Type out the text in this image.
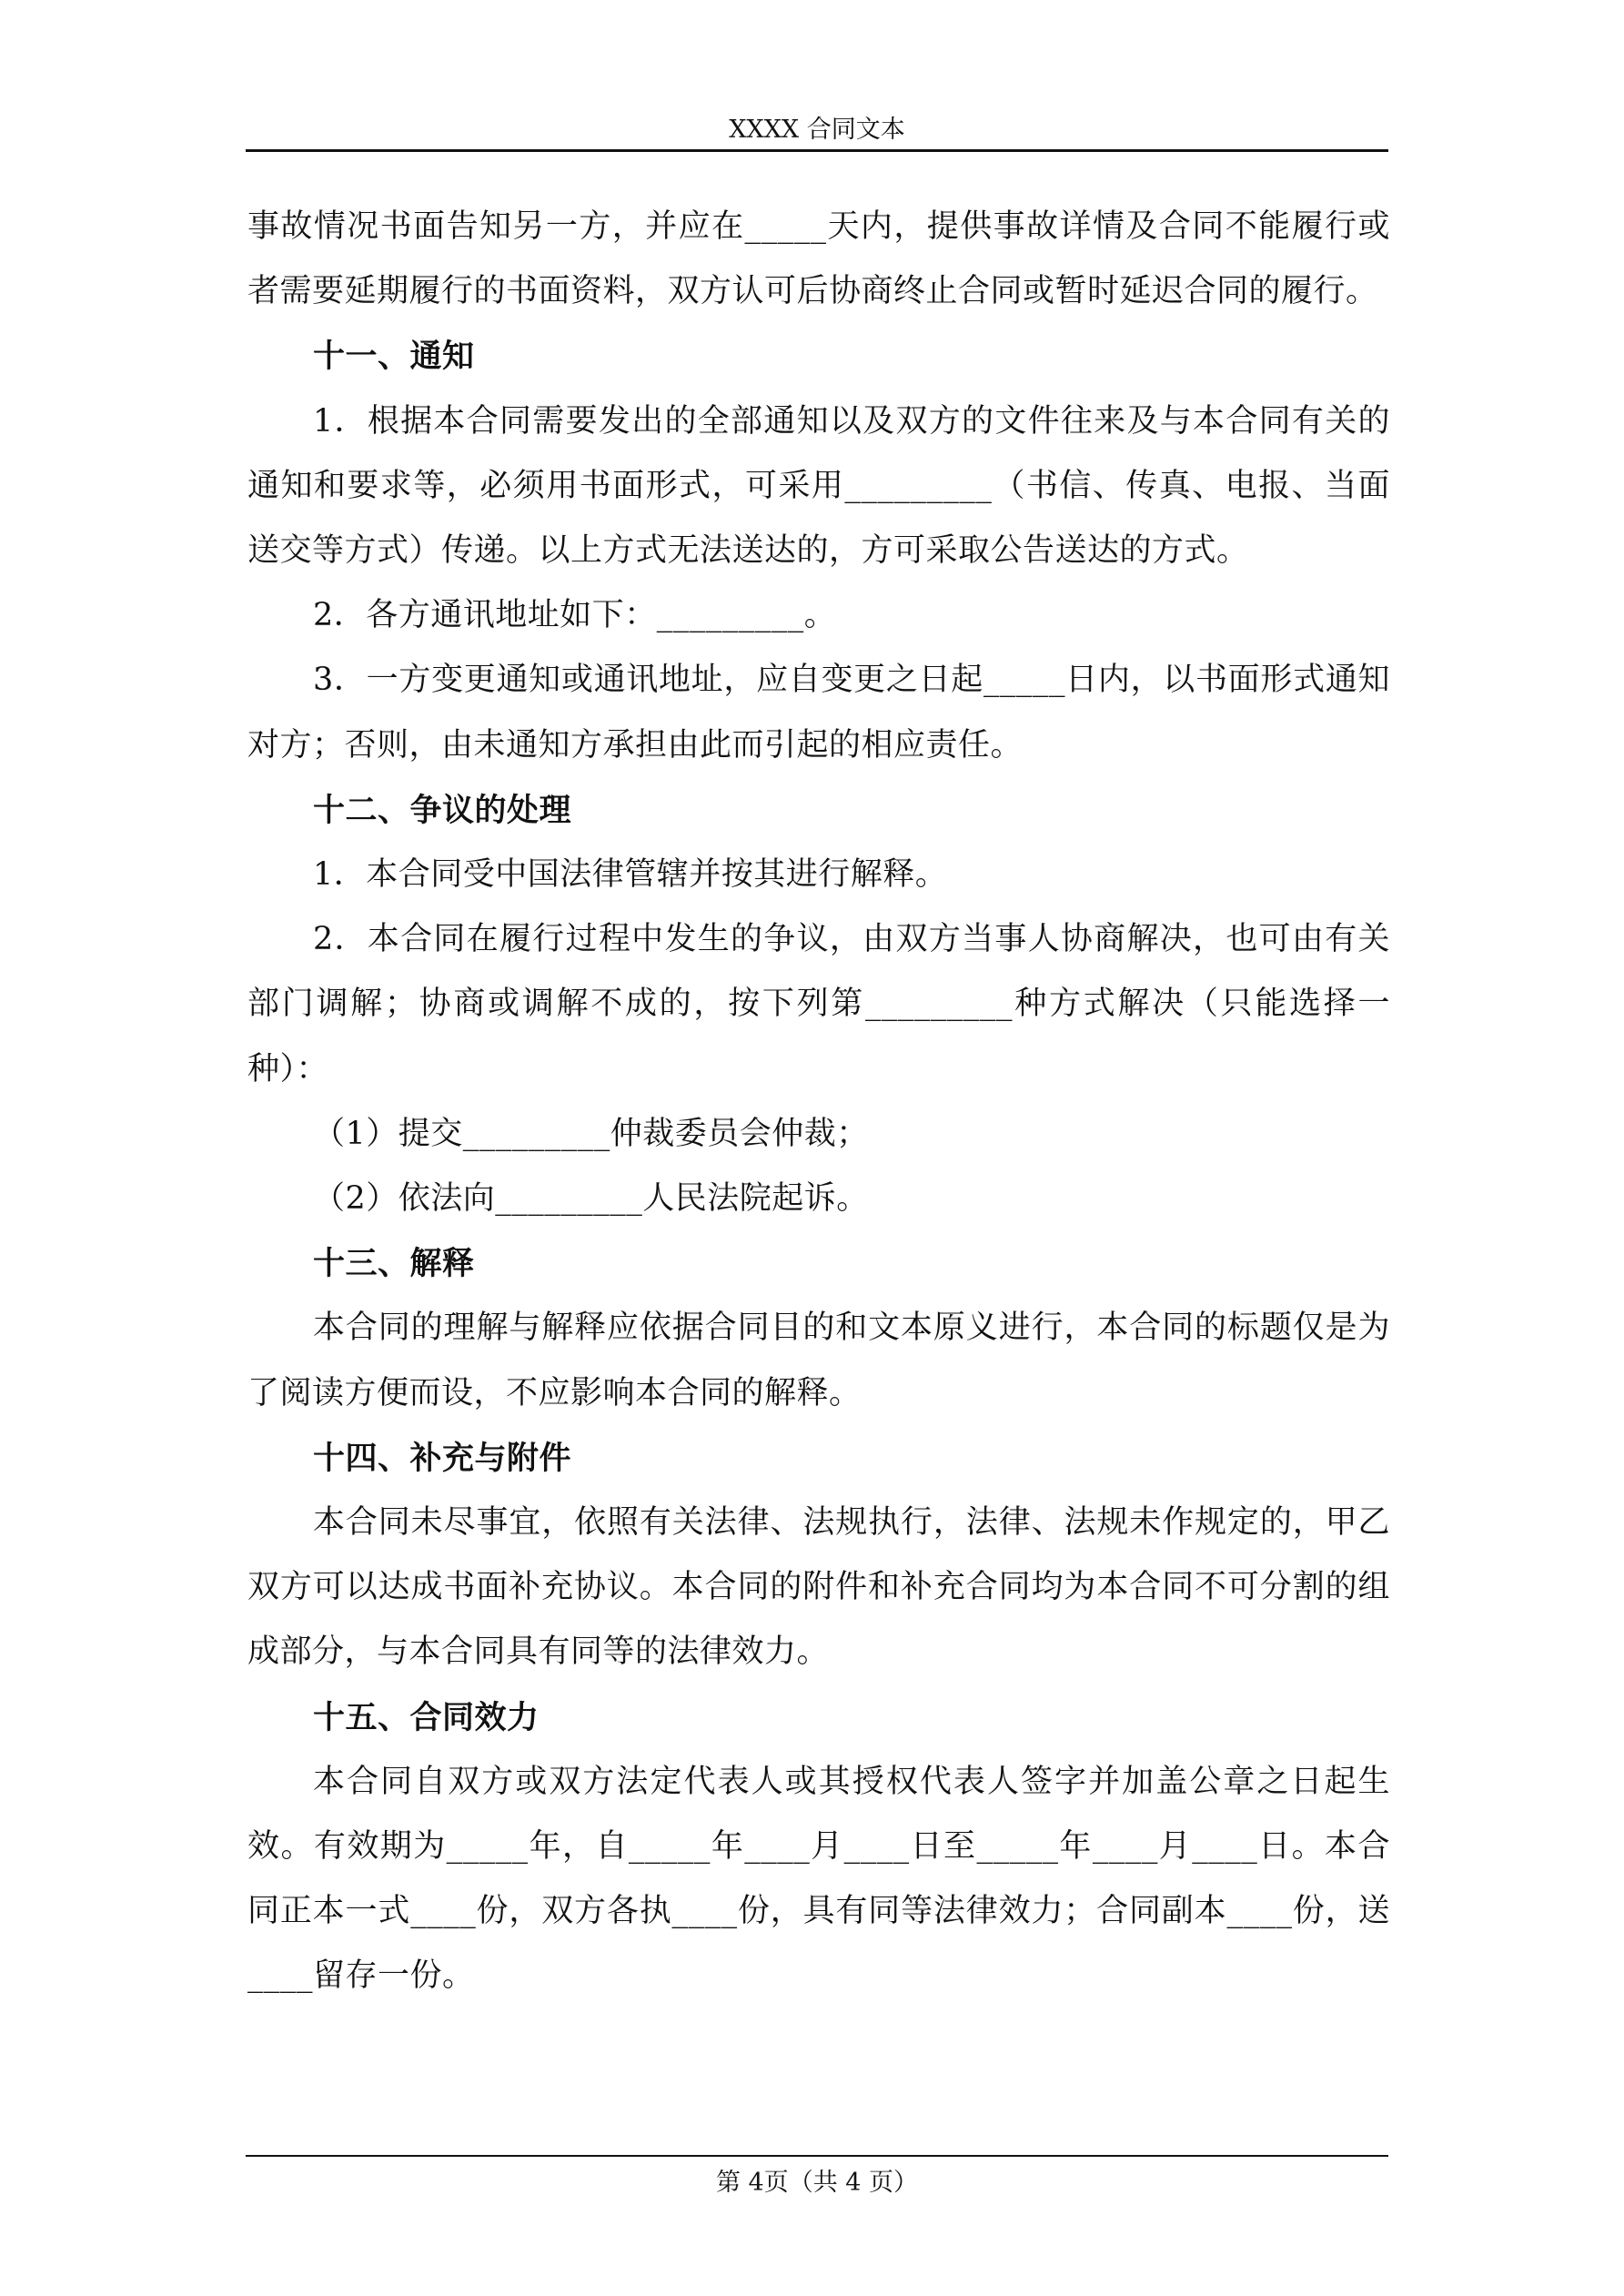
XXXX 合同文本

事故情况书面告知另一方，并应在_____天内，提供事故详情及合同不能履行或者需要延期履行的书面资料，双方认可后协商终止合同或暂时延迟合同的履行。

十一、通知

1．根据本合同需要发出的全部通知以及双方的文件往来及与本合同有关的通知和要求等，必须用书面形式，可采用_________（书信、传真、电报、当面送交等方式）传递。以上方式无法送达的，方可采取公告送达的方式。

2．各方通讯地址如下：_________。

3．一方变更通知或通讯地址，应自变更之日起_____日内，以书面形式通知对方；否则，由未通知方承担由此而引起的相应责任。

十二、争议的处理

1．本合同受中国法律管辖并按其进行解释。

2．本合同在履行过程中发生的争议，由双方当事人协商解决，也可由有关部门调解；协商或调解不成的，按下列第_________种方式解决（只能选择一种）：

（1）提交_________仲裁委员会仲裁；

（2）依法向_________人民法院起诉。

十三、解释

本合同的理解与解释应依据合同目的和文本原义进行，本合同的标题仅是为了阅读方便而设，不应影响本合同的解释。

十四、补充与附件

本合同未尽事宜，依照有关法律、法规执行，法律、法规未作规定的，甲乙双方可以达成书面补充协议。本合同的附件和补充合同均为本合同不可分割的组成部分，与本合同具有同等的法律效力。

十五、合同效力

本合同自双方或双方法定代表人或其授权代表人签字并加盖公章之日起生效。有效期为_____年，自_____年____月____日至_____年____月____日。本合同正本一式____份，双方各执____份，具有同等法律效力；合同副本____份，送____留存一份。

第 4页（共 4 页）
